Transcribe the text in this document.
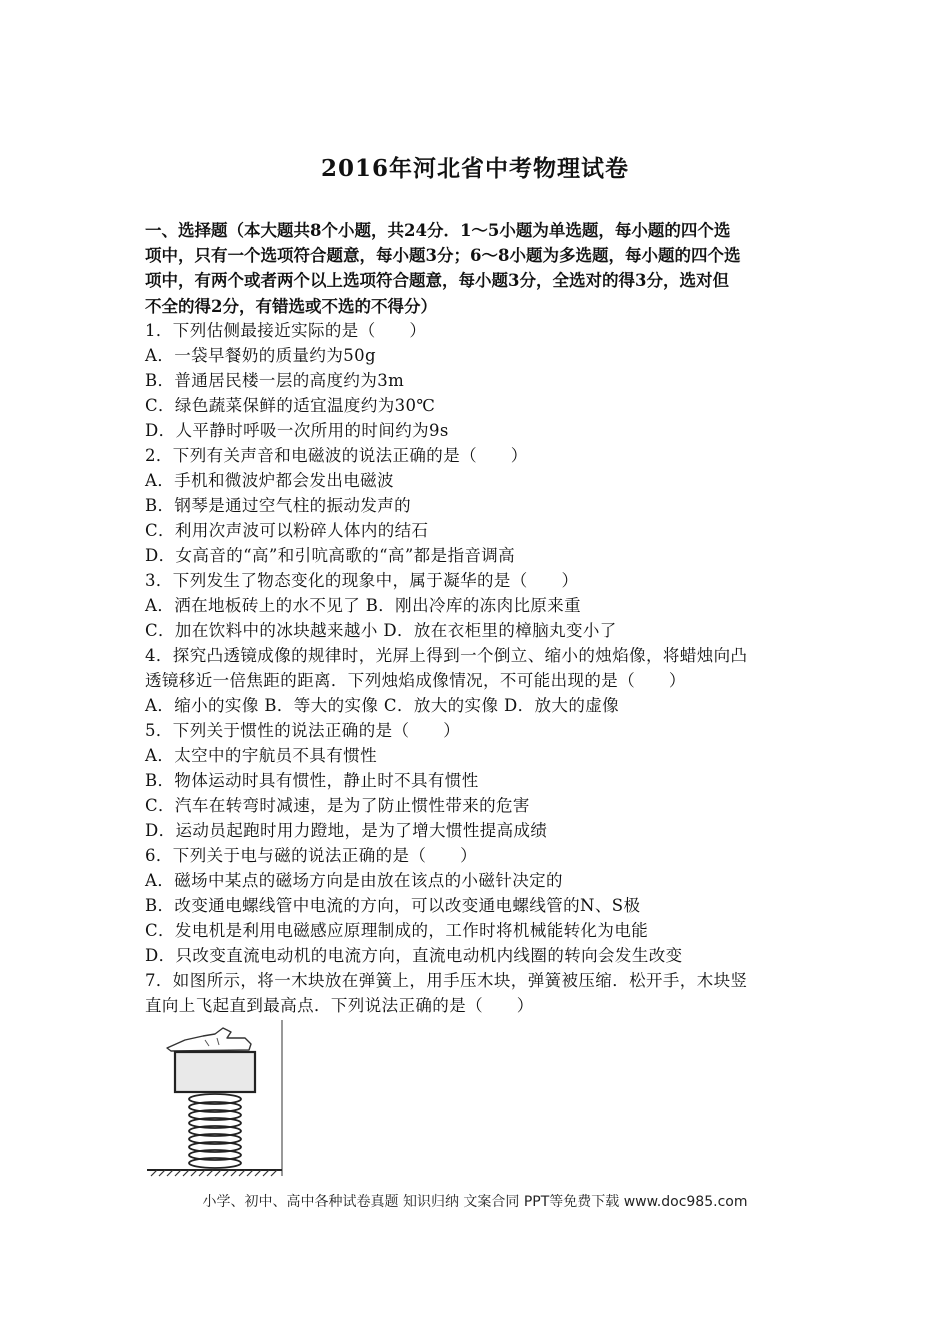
2016年河北省中考物理试卷
一、选择题（本大题共8个小题，共24分．1～5小题为单选题，每小题的四个选
项中，只有一个选项符合题意，每小题3分；6～8小题为多选题，每小题的四个选
项中，有两个或者两个以上选项符合题意，每小题3分，全选对的得3分，选对但
不全的得2分，有错选或不选的不得分）
1．下列估侧最接近实际的是（　　）
A．一袋早餐奶的质量约为50g
B．普通居民楼一层的高度约为3m
C．绿色蔬菜保鲜的适宜温度约为30℃
D．人平静时呼吸一次所用的时间约为9s
2．下列有关声音和电磁波的说法正确的是（　　）
A．手机和微波炉都会发出电磁波
B．钢琴是通过空气柱的振动发声的
C．利用次声波可以粉碎人体内的结石
D．女高音的“高”和引吭高歌的“高”都是指音调高
3．下列发生了物态变化的现象中，属于凝华的是（　　）
A．洒在地板砖上的水不见了 B．刚出冷库的冻肉比原来重
C．加在饮料中的冰块越来越小 D．放在衣柜里的樟脑丸变小了
4．探究凸透镜成像的规律时，光屏上得到一个倒立、缩小的烛焰像，将蜡烛向凸
透镜移近一倍焦距的距离．下列烛焰成像情况，不可能出现的是（　　）
A．缩小的实像 B．等大的实像 C．放大的实像 D．放大的虚像
5．下列关于惯性的说法正确的是（　　）
A．太空中的宇航员不具有惯性
B．物体运动时具有惯性，静止时不具有惯性
C．汽车在转弯时减速，是为了防止惯性带来的危害
D．运动员起跑时用力蹬地，是为了增大惯性提高成绩
6．下列关于电与磁的说法正确的是（　　）
A．磁场中某点的磁场方向是由放在该点的小磁针决定的
B．改变通电螺线管中电流的方向，可以改变通电螺线管的N、S极
C．发电机是利用电磁感应原理制成的，工作时将机械能转化为电能
D．只改变直流电动机的电流方向，直流电动机内线圈的转向会发生改变
7．如图所示，将一木块放在弹簧上，用手压木块，弹簧被压缩．松开手，木块竖
直向上飞起直到最高点．下列说法正确的是（　　）
小学、初中、高中各种试卷真题 知识归纳 文案合同 PPT等免费下载 www.doc985.com
